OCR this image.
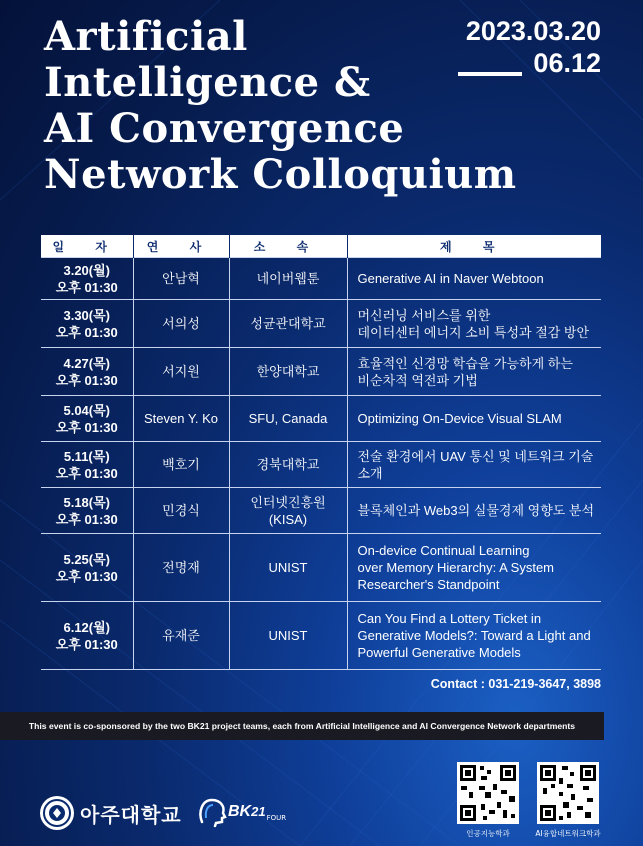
Artificial
Intelligence &
AI Convergence
Network Colloquium
2023.03.20
06.12
일 자	연 사	소 속	제 목
3.20(월)
오후 01:30	안남혁	네이버웹툰	Generative AI in Naver Webtoon
3.30(목)
오후 01:30	서의성	성균관대학교	머신러닝 서비스를 위한
데이터센터 에너지 소비 특성과 절감 방안
4.27(목)
오후 01:30	서지원	한양대학교	효율적인 신경망 학습을 가능하게 하는
비순차적 역전파 기법
5.04(목)
오후 01:30	Steven Y. Ko	SFU, Canada	Optimizing On-Device Visual SLAM
5.11(목)
오후 01:30	백호기	경북대학교	전술 환경에서 UAV 통신 및 네트워크 기술 소개
5.18(목)
오후 01:30	민경식	인터넷진흥원(KISA)	블록체인과 Web3의 실물경제 영향도 분석
5.25(목)
오후 01:30	전명재	UNIST	On-device Continual Learning
over Memory Hierarchy: A System
Researcher's Standpoint
6.12(월)
오후 01:30	유재준	UNIST	Can You Find a Lottery Ticket in
Generative Models?: Toward a Light and
Powerful Generative Models
Contact : 031-219-3647, 3898
This event is co-sponsored by the two BK21 project teams, each from Artificial Intelligence and AI Convergence Network departments
인공지능학과	AI융합네트워크학과
아주대학교	BK21 FOUR
